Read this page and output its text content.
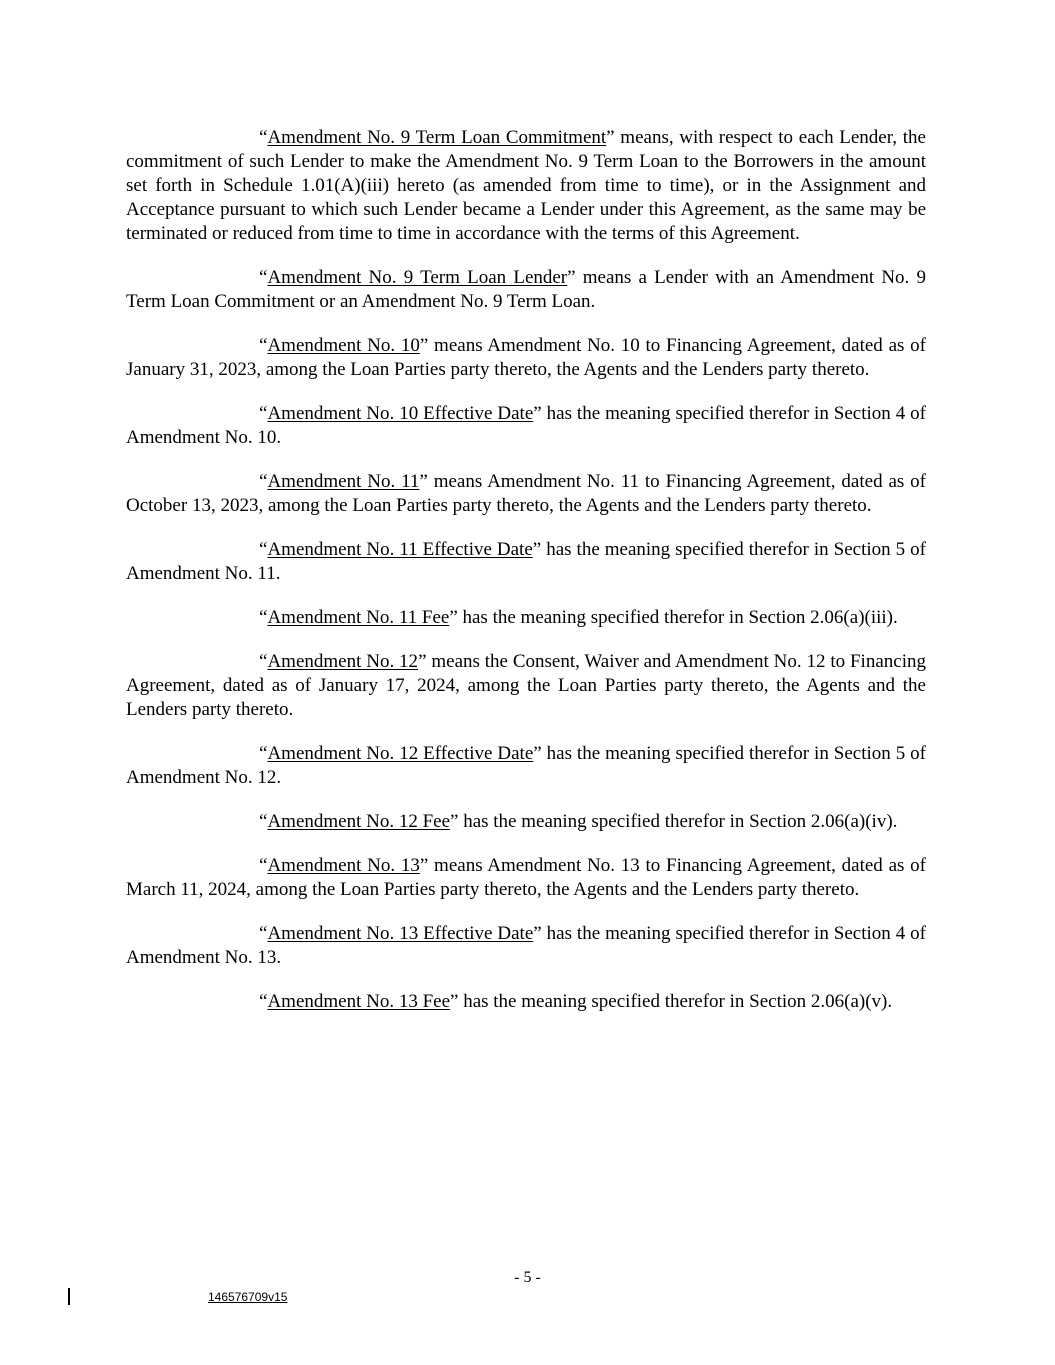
“Amendment No. 9 Term Loan Commitment” means, with respect to each Lender, the commitment of such Lender to make the Amendment No. 9 Term Loan to the Borrowers in the amount set forth in Schedule 1.01(A)(iii) hereto (as amended from time to time), or in the Assignment and Acceptance pursuant to which such Lender became a Lender under this Agreement, as the same may be terminated or reduced from time to time in accordance with the terms of this Agreement.

“Amendment No. 9 Term Loan Lender” means a Lender with an Amendment No. 9 Term Loan Commitment or an Amendment No. 9 Term Loan.

“Amendment No. 10” means Amendment No. 10 to Financing Agreement, dated as of January 31, 2023, among the Loan Parties party thereto, the Agents and the Lenders party thereto.

“Amendment No. 10 Effective Date” has the meaning specified therefor in Section 4 of Amendment No. 10.

“Amendment No. 11” means Amendment No. 11 to Financing Agreement, dated as of October 13, 2023, among the Loan Parties party thereto, the Agents and the Lenders party thereto.

“Amendment No. 11 Effective Date” has the meaning specified therefor in Section 5 of Amendment No. 11.

“Amendment No. 11 Fee” has the meaning specified therefor in Section 2.06(a)(iii).

“Amendment No. 12” means the Consent, Waiver and Amendment No. 12 to Financing Agreement, dated as of January 17, 2024, among the Loan Parties party thereto, the Agents and the Lenders party thereto.

“Amendment No. 12 Effective Date” has the meaning specified therefor in Section 5 of Amendment No. 12.

“Amendment No. 12 Fee” has the meaning specified therefor in Section 2.06(a)(iv).

“Amendment No. 13” means Amendment No. 13 to Financing Agreement, dated as of March 11, 2024, among the Loan Parties party thereto, the Agents and the Lenders party thereto.

“Amendment No. 13 Effective Date” has the meaning specified therefor in Section 4 of Amendment No. 13.

“Amendment No. 13 Fee” has the meaning specified therefor in Section 2.06(a)(v).

- 5 -
146576709v15
